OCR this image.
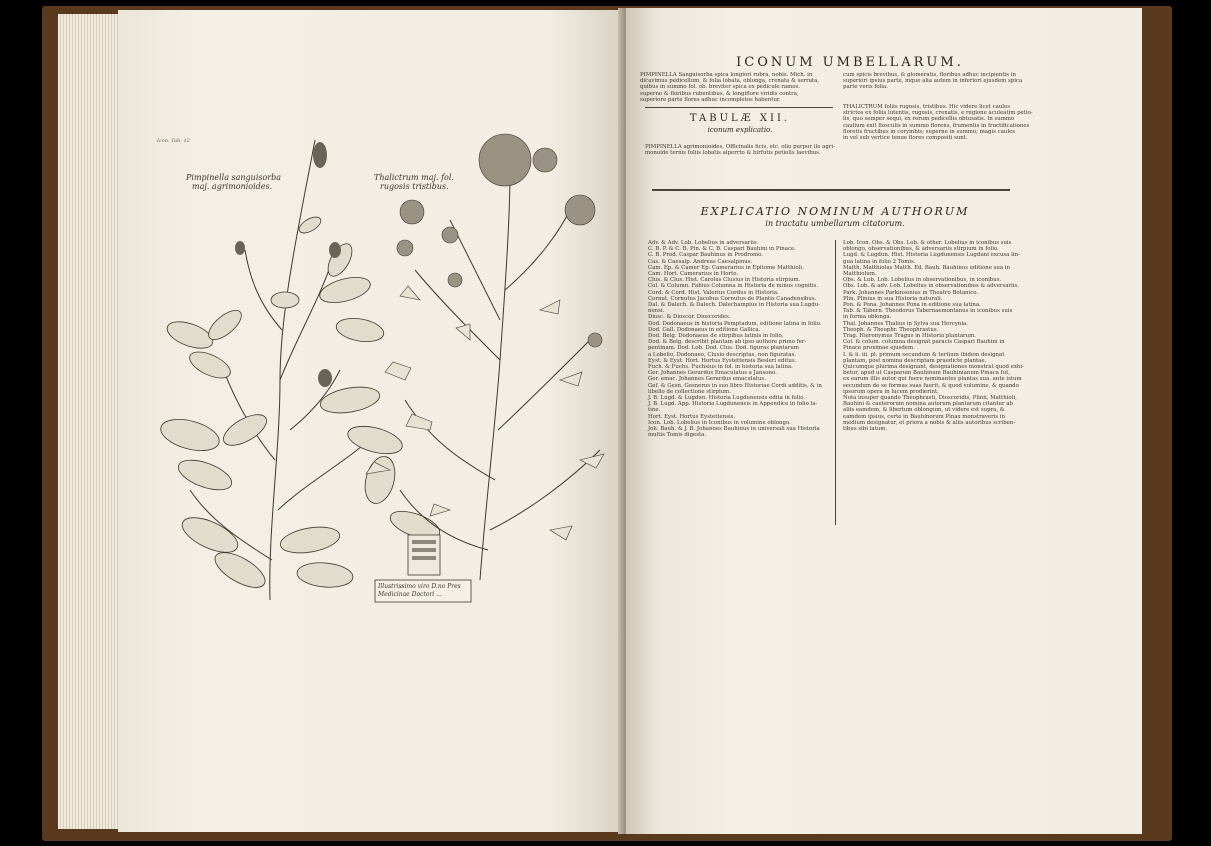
Icon. Tab. 12
Pimpinella sanguisorba
maj. agrimonioides.
Thalictrum maj. fol.
rugosis tristibus.
Illustrissimo viro D.no Pres
Medicinae Doctori ...
ICONUM UMBELLARUM.
PIMPINELLA Sanguisorba spica longiori rubra, nobis. Mich. in
dicavimus pedicellum, & folia lobata, oblonga, crenata & serrata,
quibus in summo fol. ob. breviter spica ex pediculo ramos.
superne & floribus rubentibus, & longiflore viridis contra,
superiore parte flores adhuc incompletos habentur.
TABULÆ XII.
iconum explicatio.
PIMPINELLA agrimonioides, Officinalis ficis, etc. olio purpur ile agri-
monoide ternis foliis lobatis alperrto & hirfutis petiolis laevibus.
cum spicis brevibus, & glomeratis, floribus adhuc incipientis in
superiori ipsius parte, inque alia autem in inferiori ejusdem spica
parte veris folia.
THALICTRUM foliis rugosis, tristibus. Hic videre licet caules
strictos ex foliis lutentis, rugosis, crenatis, e regione aculeatim petio-
lis, quo semper sequi, ex rerum pedicellis obtusatis. In summo
caulium exit flosculis in summo florens, frumentis in fructificationes
floretis fructibus in corymbis; superne in summo; magis caules
in vel sub vertice tenue flores compositi sunt.
EXPLICATIO NOMINUM AUTHORUM
in tractatu umbellarum citatorum.
Adv. & Adv. Lob. Lobelius in adversariis.
C. B. P. & C. B. Pin. & C. B. Caspari Bauhini in Pinace.
C. B. Prod. Caspar Bauhinus in Prodromo.
Cas. & Caesalp. Andreas Caesalpinus.
Cam. Ep. & Camer Ep. Camerarius in Epitome Matthioli.
Cam. Hort. Camerarius in Horto.
Clus. & Clus. Hist. Carolus Clusius in Historia stirpium.
Col. & Column. Fabius Columna in Historia de minus cognitis.
Cord. & Cord. Hist. Valerius Cordus in Historia.
Cornut. Cornutus Jacobus Cornutus de Plantis Canadensibus.
Dal. & Dalech. & Dalech. Dalechampius in Historia sua Lugdu-
nensi.
Diosc. & Dioscor. Dioscorides.
Dod. Dodonaeus in historia Pemptadum, editione latina in folio.
Dod. Gall. Dodonaeus in editione Gallica.
Dod. Belg. Dodonaeus de stirpibus latinis in folio.
Dod. & Belg. describit plantam ab ipso authore primo fer-
pentinam. Dod. Lob. Dod. Clus. Dod. figuras plantarum
a Lobelio, Dodonaeo, Clusio descriptas, non figuratas.
Eyst. & Eyst. Hort. Hortus Eystettensis Besleri editus.
Fuch. & Fuchs. Fuchsius in fol. in historia sua latina.
Ger. Johannes Gerardus Emaculatus a Jansono.
Ger. emac. Johannes Gerardus emaculatus.
Gef. & Gesn. Gesnerus in suo libro Historiae Cordi additis, & in
libello de collectione stirpium.
J. B. Lugd. & Lugdun. Historia Lugdunensis edita in folio.
J. B. Lugd. App. Historia Lugdunensis in Appendice in folio la-
tine.
Hort. Eyst. Hortus Eystettensis.
Icon. Lob. Lobelius in Iconibus in volumine oblongo.
Joh. Bauh. & J. B. Johannes Bauhinus in universali sua Historia
multis Tomis digesta.
Lob. Icon. Obs. & Obs. Lob. & other. Lobelius in iconibus suis
oblongo, observationibus, & adversariis stirpium in folio.
Lugd. & Lugdun. Hist. Historia Lugdunensis Lugduni excusa lin-
gua latina in folio 2 Tomis.
Matth. Matthiolus Matth. Ed. Bauh. Bauhinus editione sua in
Matthiolum.
Obs. & Lob. Lob. Lobelius in observationibus, in iconibus.
Obs. Lob. & adv. Lob. Lobelius in observationibus & adversariis.
Park. Johannes Parkinsonius in Theatro Botanico.
Plin. Plinius in sua Historia naturali.
Pon. & Pona. Johannes Pona in editione sua latina.
Tab. & Tabern. Theodorus Tabernaemontanus in iconibus suis
in forma oblonga.
Thal. Johannes Thalius in Sylva sua Hercynia.
Theoph. & Theophr. Theophrastus.
Trag. Hieronymus Tragus in Historia plantarum.
Col. & colum. columna designat paracis Caspari Bauhini in
Pinace proximae ejusdem.
I. & ii. iii. pl. primum secundum & tertium ibidem designat
plantam, post nomina descriptam praedicte plantae.
Quicumque plurima designant, designationes monstrat quod exhi-
betur, apud ut Casparum Bauhinum Bauhinianum Pinaca fut,
ex earum illis autor qui fuere nominantes plantas sua. ante istum
secundum de se formas suas fuerit, & quod volumine, & quando
ipsorum opera in lucem prodierint.
Nota insuper quando Theophrasti, Dioscoridis, Plinii, Matthioli,
Bauhini & caeterorum nomina autorum plantarum citantur ab
aliis eamdem, & libertum oblongum, ut videre est supra, &
eamdem ipsius, certe in Bauhinorum Pinax monstraveris in
medium designatur, et priora a nobis & aliis autoribus scriben-
tibus sibi latum.
